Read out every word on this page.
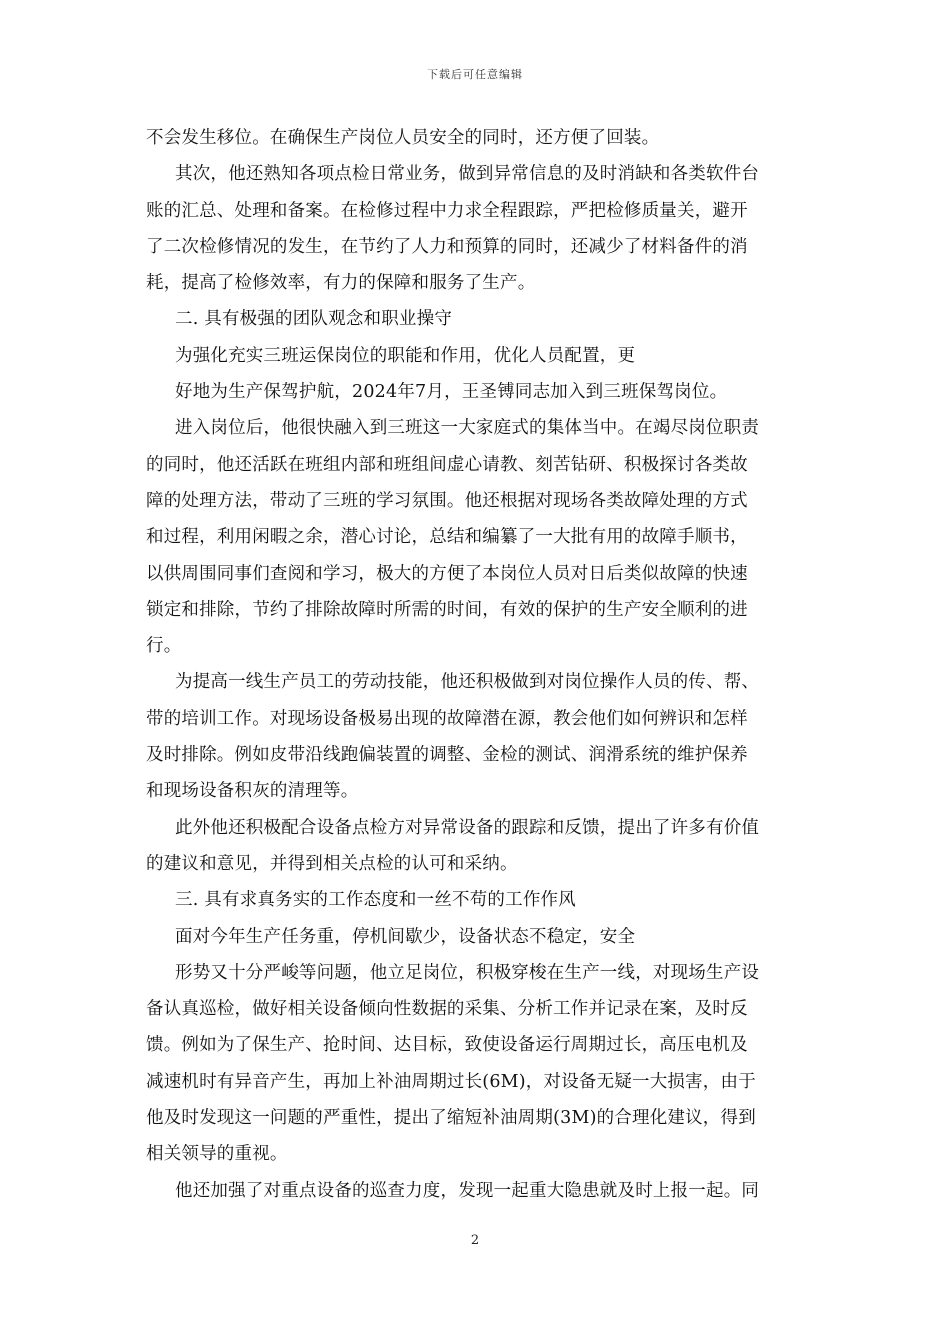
下载后可任意编辑
不会发生移位。在确保生产岗位人员安全的同时，还方便了回装。
其次，他还熟知各项点检日常业务，做到异常信息的及时消缺和各类软件台
账的汇总、处理和备案。在检修过程中力求全程跟踪，严把检修质量关，避开
了二次检修情况的发生，在节约了人力和预算的同时，还减少了材料备件的消
耗，提高了检修效率，有力的保障和服务了生产。
二. 具有极强的团队观念和职业操守
为强化充实三班运保岗位的职能和作用，优化人员配置，更
好地为生产保驾护航，2024年7月，王圣镈同志加入到三班保驾岗位。
进入岗位后，他很快融入到三班这一大家庭式的集体当中。在竭尽岗位职责
的同时，他还活跃在班组内部和班组间虚心请教、刻苦钻研、积极探讨各类故
障的处理方法，带动了三班的学习氛围。他还根据对现场各类故障处理的方式
和过程，利用闲暇之余，潜心讨论，总结和编纂了一大批有用的故障手顺书，
以供周围同事们查阅和学习，极大的方便了本岗位人员对日后类似故障的快速
锁定和排除，节约了排除故障时所需的时间，有效的保护的生产安全顺利的进
行。
为提高一线生产员工的劳动技能，他还积极做到对岗位操作人员的传、帮、
带的培训工作。对现场设备极易出现的故障潜在源，教会他们如何辨识和怎样
及时排除。例如皮带沿线跑偏装置的调整、金检的测试、润滑系统的维护保养
和现场设备积灰的清理等。
此外他还积极配合设备点检方对异常设备的跟踪和反馈，提出了许多有价值
的建议和意见，并得到相关点检的认可和采纳。
三. 具有求真务实的工作态度和一丝不苟的工作作风
面对今年生产任务重，停机间歇少，设备状态不稳定，安全
形势又十分严峻等问题，他立足岗位，积极穿梭在生产一线，对现场生产设
备认真巡检，做好相关设备倾向性数据的采集、分析工作并记录在案，及时反
馈。例如为了保生产、抢时间、达目标，致使设备运行周期过长，高压电机及
减速机时有异音产生，再加上补油周期过长(6M)，对设备无疑一大损害，由于
他及时发现这一问题的严重性，提出了缩短补油周期(3M)的合理化建议，得到
相关领导的重视。
他还加强了对重点设备的巡查力度，发现一起重大隐患就及时上报一起。同
2
